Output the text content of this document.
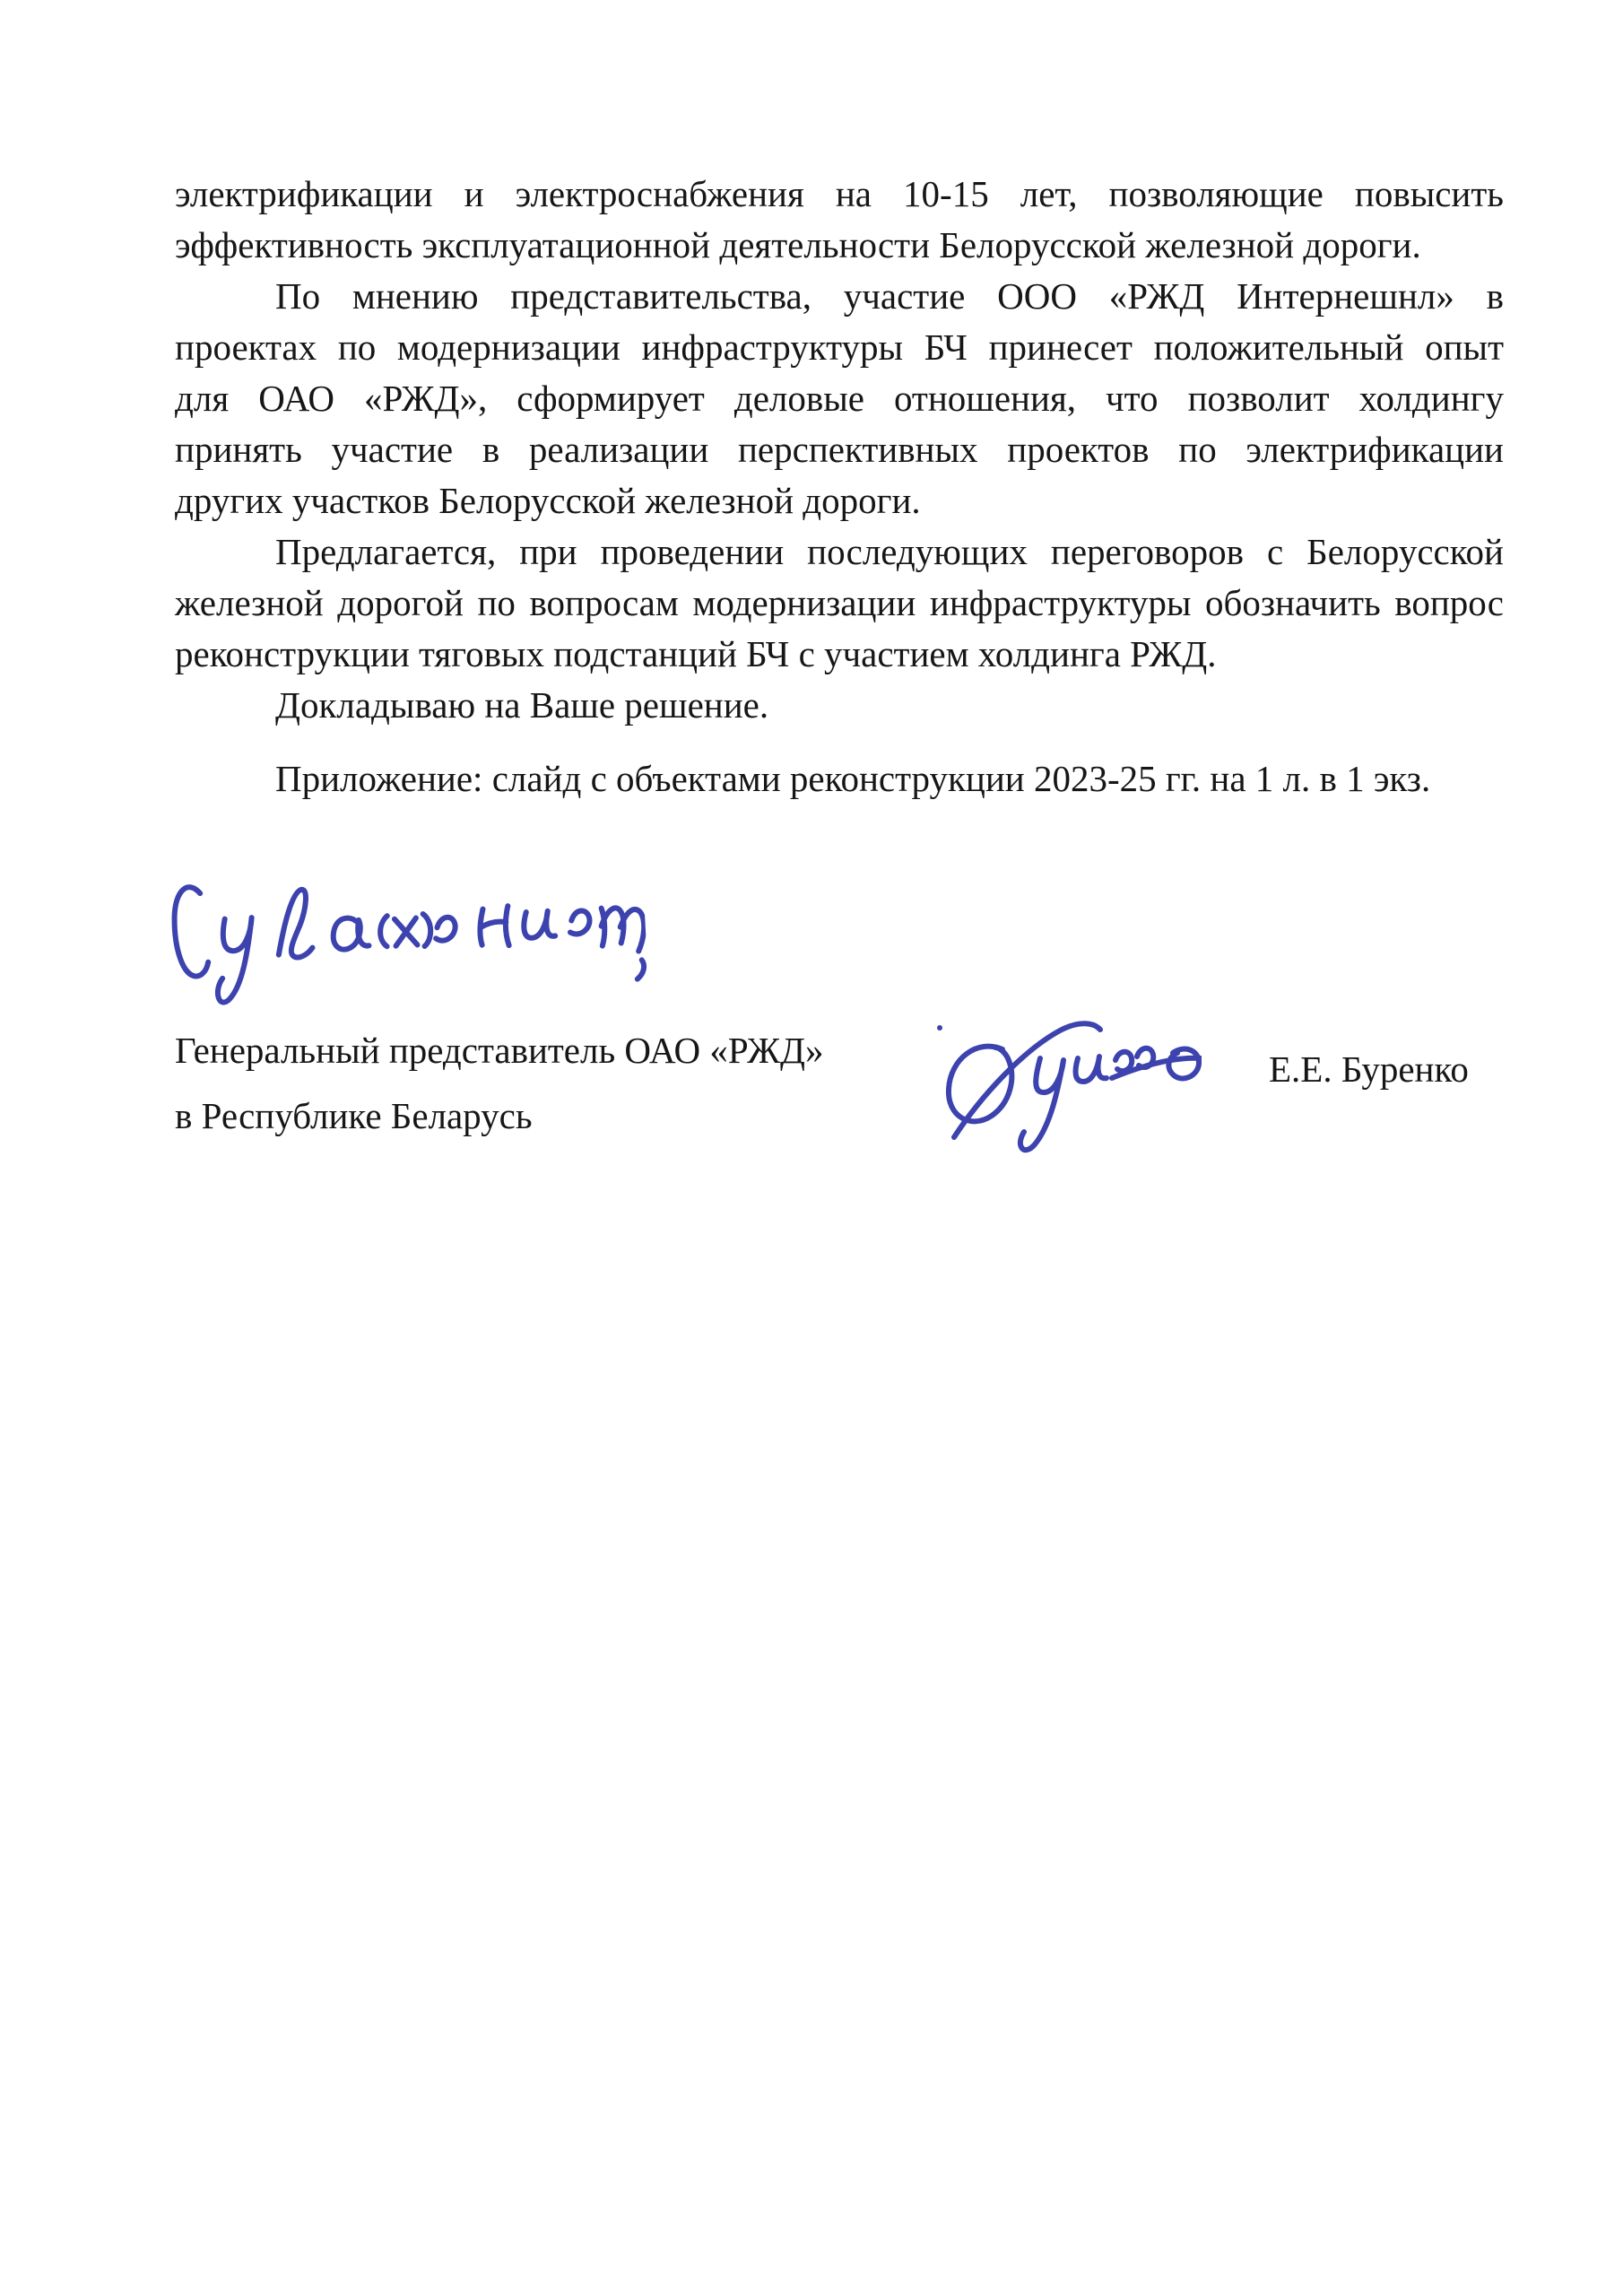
электрификации и электроснабжения на 10-15 лет, позволяющие повысить
эффективность эксплуатационной деятельности Белорусской железной дороги.
По мнению представительства, участие ООО «РЖД Интернешнл» в
проектах по модернизации инфраструктуры БЧ принесет положительный опыт
для ОАО «РЖД», сформирует деловые отношения, что позволит холдингу
принять участие в реализации перспективных проектов по электрификации
других участков Белорусской железной дороги.
Предлагается, при проведении последующих переговоров с Белорусской
железной дорогой по вопросам модернизации инфраструктуры обозначить вопрос
реконструкции тяговых подстанций БЧ с участием холдинга РЖД.
Докладываю на Ваше решение.
Приложение: слайд с объектами реконструкции 2023-25 гг. на 1 л. в 1 экз.
Генеральный представитель ОАО «РЖД»
в Республике Беларусь
Е.Е. Буренко
